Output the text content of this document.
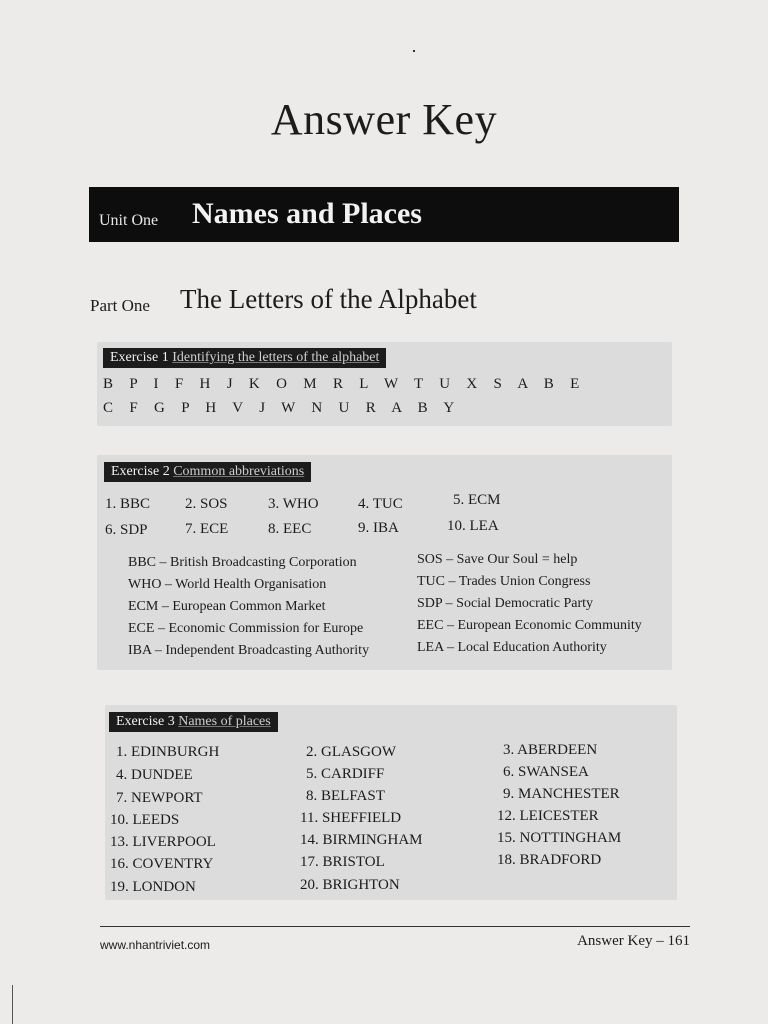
Answer Key
Unit One Names and Places
Part One The Letters of the Alphabet
Exercise 1 Identifying the letters of the alphabet
B P I F H J K O M R L W T U X S A B E
C F G P H V J W N U R A B Y
Exercise 2 Common abbreviations
1. BBC 2. SOS	3. WHO	4. TUC	5. ECM
6. SDP 7. ECE	8. EEC	9. IBA	10. LEA
BBC – British Broadcasting Corporation
WHO – World Health Organisation
ECM – European Common Market
ECE – Economic Commission for Europe
IBA – Independent Broadcasting Authority
SOS – Save Our Soul = help
TUC – Trades Union Congress
SDP – Social Democratic Party
EEC – European Economic Community
LEA – Local Education Authority
Exercise 3 Names of places
1. EDINBURGH
4. DUNDEE
7. NEWPORT
10. LEEDS
13. LIVERPOOL
16. COVENTRY
19. LONDON
2. GLASGOW
5. CARDIFF
8. BELFAST
11. SHEFFIELD
14. BIRMINGHAM
17. BRISTOL
20. BRIGHTON
3. ABERDEEN
6. SWANSEA
9. MANCHESTER
12. LEICESTER
15. NOTTINGHAM
18. BRADFORD
www.nhantriviet.com	Answer Key – 161
